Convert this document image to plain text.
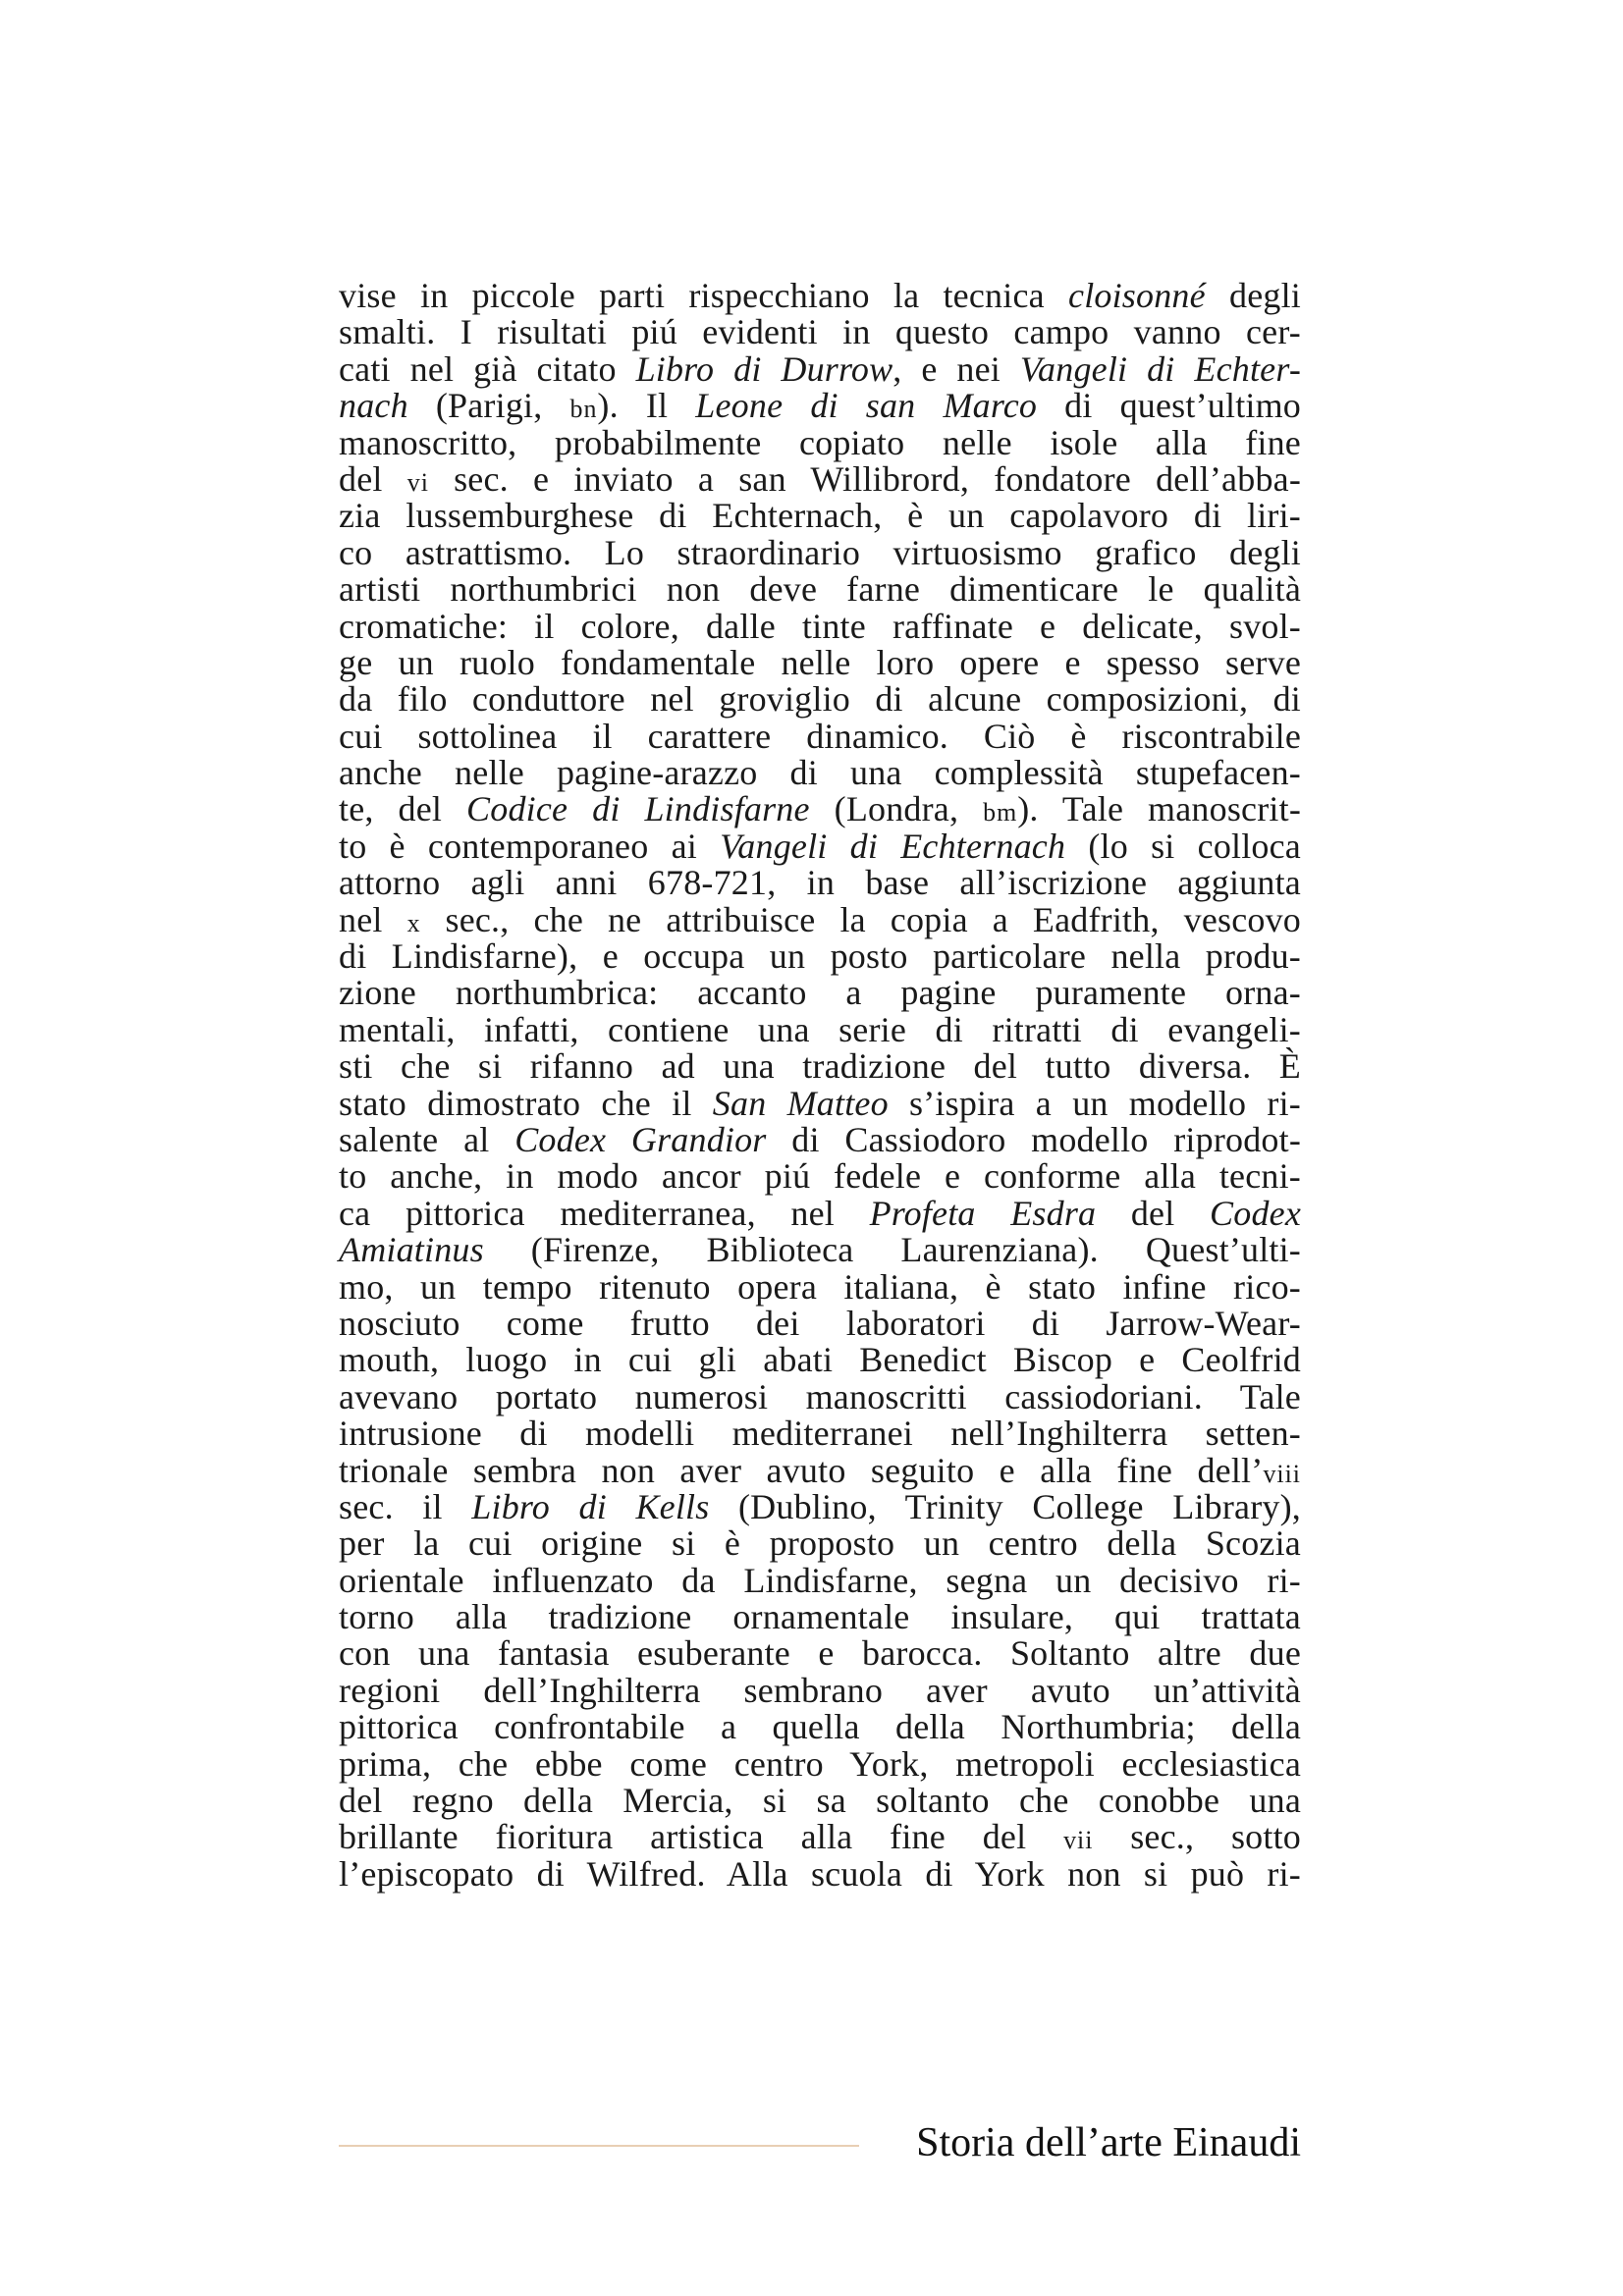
vise in piccole parti rispecchiano la tecnica cloisonné degli
smalti. I risultati piú evidenti in questo campo vanno cer-
cati nel già citato Libro di Durrow, e nei Vangeli di Echter-
nach (Parigi, bn). Il Leone di san Marco di quest’ultimo
manoscritto, probabilmente copiato nelle isole alla fine
del vi sec. e inviato a san Willibrord, fondatore dell’abba-
zia lussemburghese di Echternach, è un capolavoro di liri-
co astrattismo. Lo straordinario virtuosismo grafico degli
artisti northumbrici non deve farne dimenticare le qualità
cromatiche: il colore, dalle tinte raffinate e delicate, svol-
ge un ruolo fondamentale nelle loro opere e spesso serve
da filo conduttore nel groviglio di alcune composizioni, di
cui sottolinea il carattere dinamico. Ciò è riscontrabile
anche nelle pagine-arazzo di una complessità stupefacen-
te, del Codice di Lindisfarne (Londra, bm). Tale manoscrit-
to è contemporaneo ai Vangeli di Echternach (lo si colloca
attorno agli anni 678-721, in base all’iscrizione aggiunta
nel x sec., che ne attribuisce la copia a Eadfrith, vescovo
di Lindisfarne), e occupa un posto particolare nella produ-
zione northumbrica: accanto a pagine puramente orna-
mentali, infatti, contiene una serie di ritratti di evangeli-
sti che si rifanno ad una tradizione del tutto diversa. È
stato dimostrato che il San Matteo s’ispira a un modello ri-
salente al Codex Grandior di Cassiodoro modello riprodot-
to anche, in modo ancor piú fedele e conforme alla tecni-
ca pittorica mediterranea, nel Profeta Esdra del Codex
Amiatinus (Firenze, Biblioteca Laurenziana). Quest’ulti-
mo, un tempo ritenuto opera italiana, è stato infine rico-
nosciuto come frutto dei laboratori di Jarrow-Wear-
mouth, luogo in cui gli abati Benedict Biscop e Ceolfrid
avevano portato numerosi manoscritti cassiodoriani. Tale
intrusione di modelli mediterranei nell’Inghilterra setten-
trionale sembra non aver avuto seguito e alla fine dell’viii
sec. il Libro di Kells (Dublino, Trinity College Library),
per la cui origine si è proposto un centro della Scozia
orientale influenzato da Lindisfarne, segna un decisivo ri-
torno alla tradizione ornamentale insulare, qui trattata
con una fantasia esuberante e barocca. Soltanto altre due
regioni dell’Inghilterra sembrano aver avuto un’attività
pittorica confrontabile a quella della Northumbria; della
prima, che ebbe come centro York, metropoli ecclesiastica
del regno della Mercia, si sa soltanto che conobbe una
brillante fioritura artistica alla fine del vii sec., sotto
l’episcopato di Wilfred. Alla scuola di York non si può ri-
Storia dell’arte Einaudi
